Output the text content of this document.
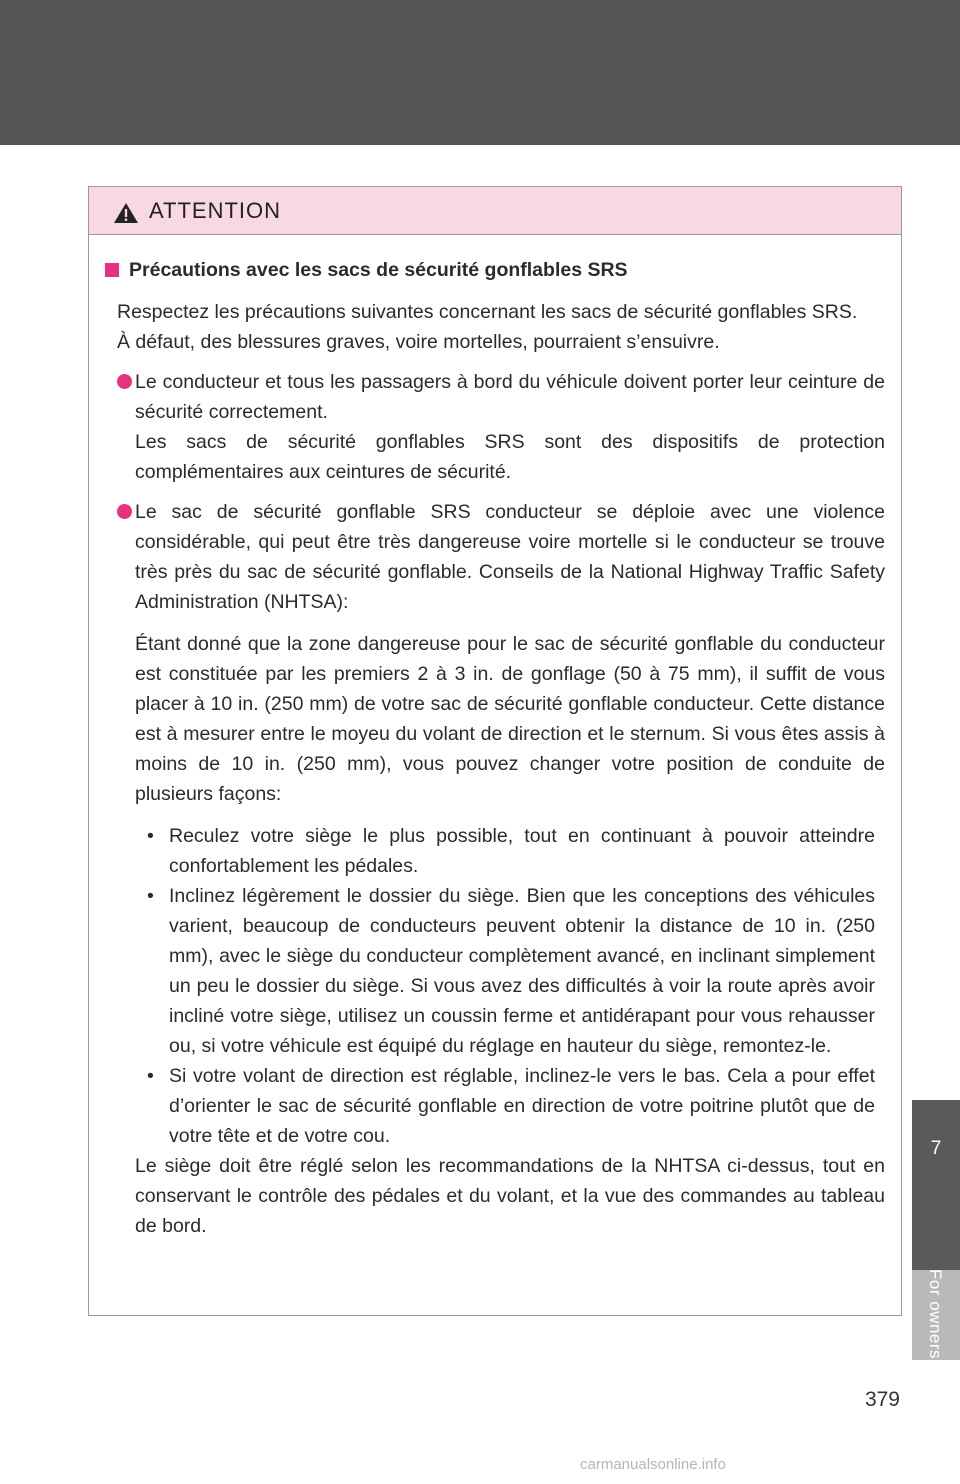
ATTENTION
Précautions avec les sacs de sécurité gonflables SRS
Respectez les précautions suivantes concernant les sacs de sécurité gonflables SRS.
À défaut, des blessures graves, voire mortelles, pourraient s’ensuivre.
Le conducteur et tous les passagers à bord du véhicule doivent porter leur ceinture de sécurité correctement.
Les sacs de sécurité gonflables SRS sont des dispositifs de protection complémentaires aux ceintures de sécurité.
Le sac de sécurité gonflable SRS conducteur se déploie avec une violence considérable, qui peut être très dangereuse voire mortelle si le conducteur se trouve très près du sac de sécurité gonflable. Conseils de la National Highway Traffic Safety Administration (NHTSA):
Étant donné que la zone dangereuse pour le sac de sécurité gonflable du conducteur est constituée par les premiers 2 à 3 in. de gonflage (50 à 75 mm), il suffit de vous placer à 10 in. (250 mm) de votre sac de sécurité gonflable conducteur. Cette distance est à mesurer entre le moyeu du volant de direction et le sternum. Si vous êtes assis à moins de 10 in. (250 mm), vous pouvez changer votre position de conduite de plusieurs façons:
• Reculez votre siège le plus possible, tout en continuant à pouvoir atteindre confortablement les pédales.
• Inclinez légèrement le dossier du siège. Bien que les conceptions des véhicules varient, beaucoup de conducteurs peuvent obtenir la distance de 10 in. (250 mm), avec le siège du conducteur complètement avancé, en inclinant simplement un peu le dossier du siège. Si vous avez des difficultés à voir la route après avoir incliné votre siège, utilisez un coussin ferme et antidérapant pour vous rehausser ou, si votre véhicule est équipé du réglage en hauteur du siège, remontez-le.
• Si votre volant de direction est réglable, inclinez-le vers le bas. Cela a pour effet d’orienter le sac de sécurité gonflable en direction de votre poitrine plutôt que de votre tête et de votre cou.
Le siège doit être réglé selon les recommandations de la NHTSA ci-dessus, tout en conservant le contrôle des pédales et du volant, et la vue des commandes au tableau de bord.
7
For owners
379
carmanualsonline.info
